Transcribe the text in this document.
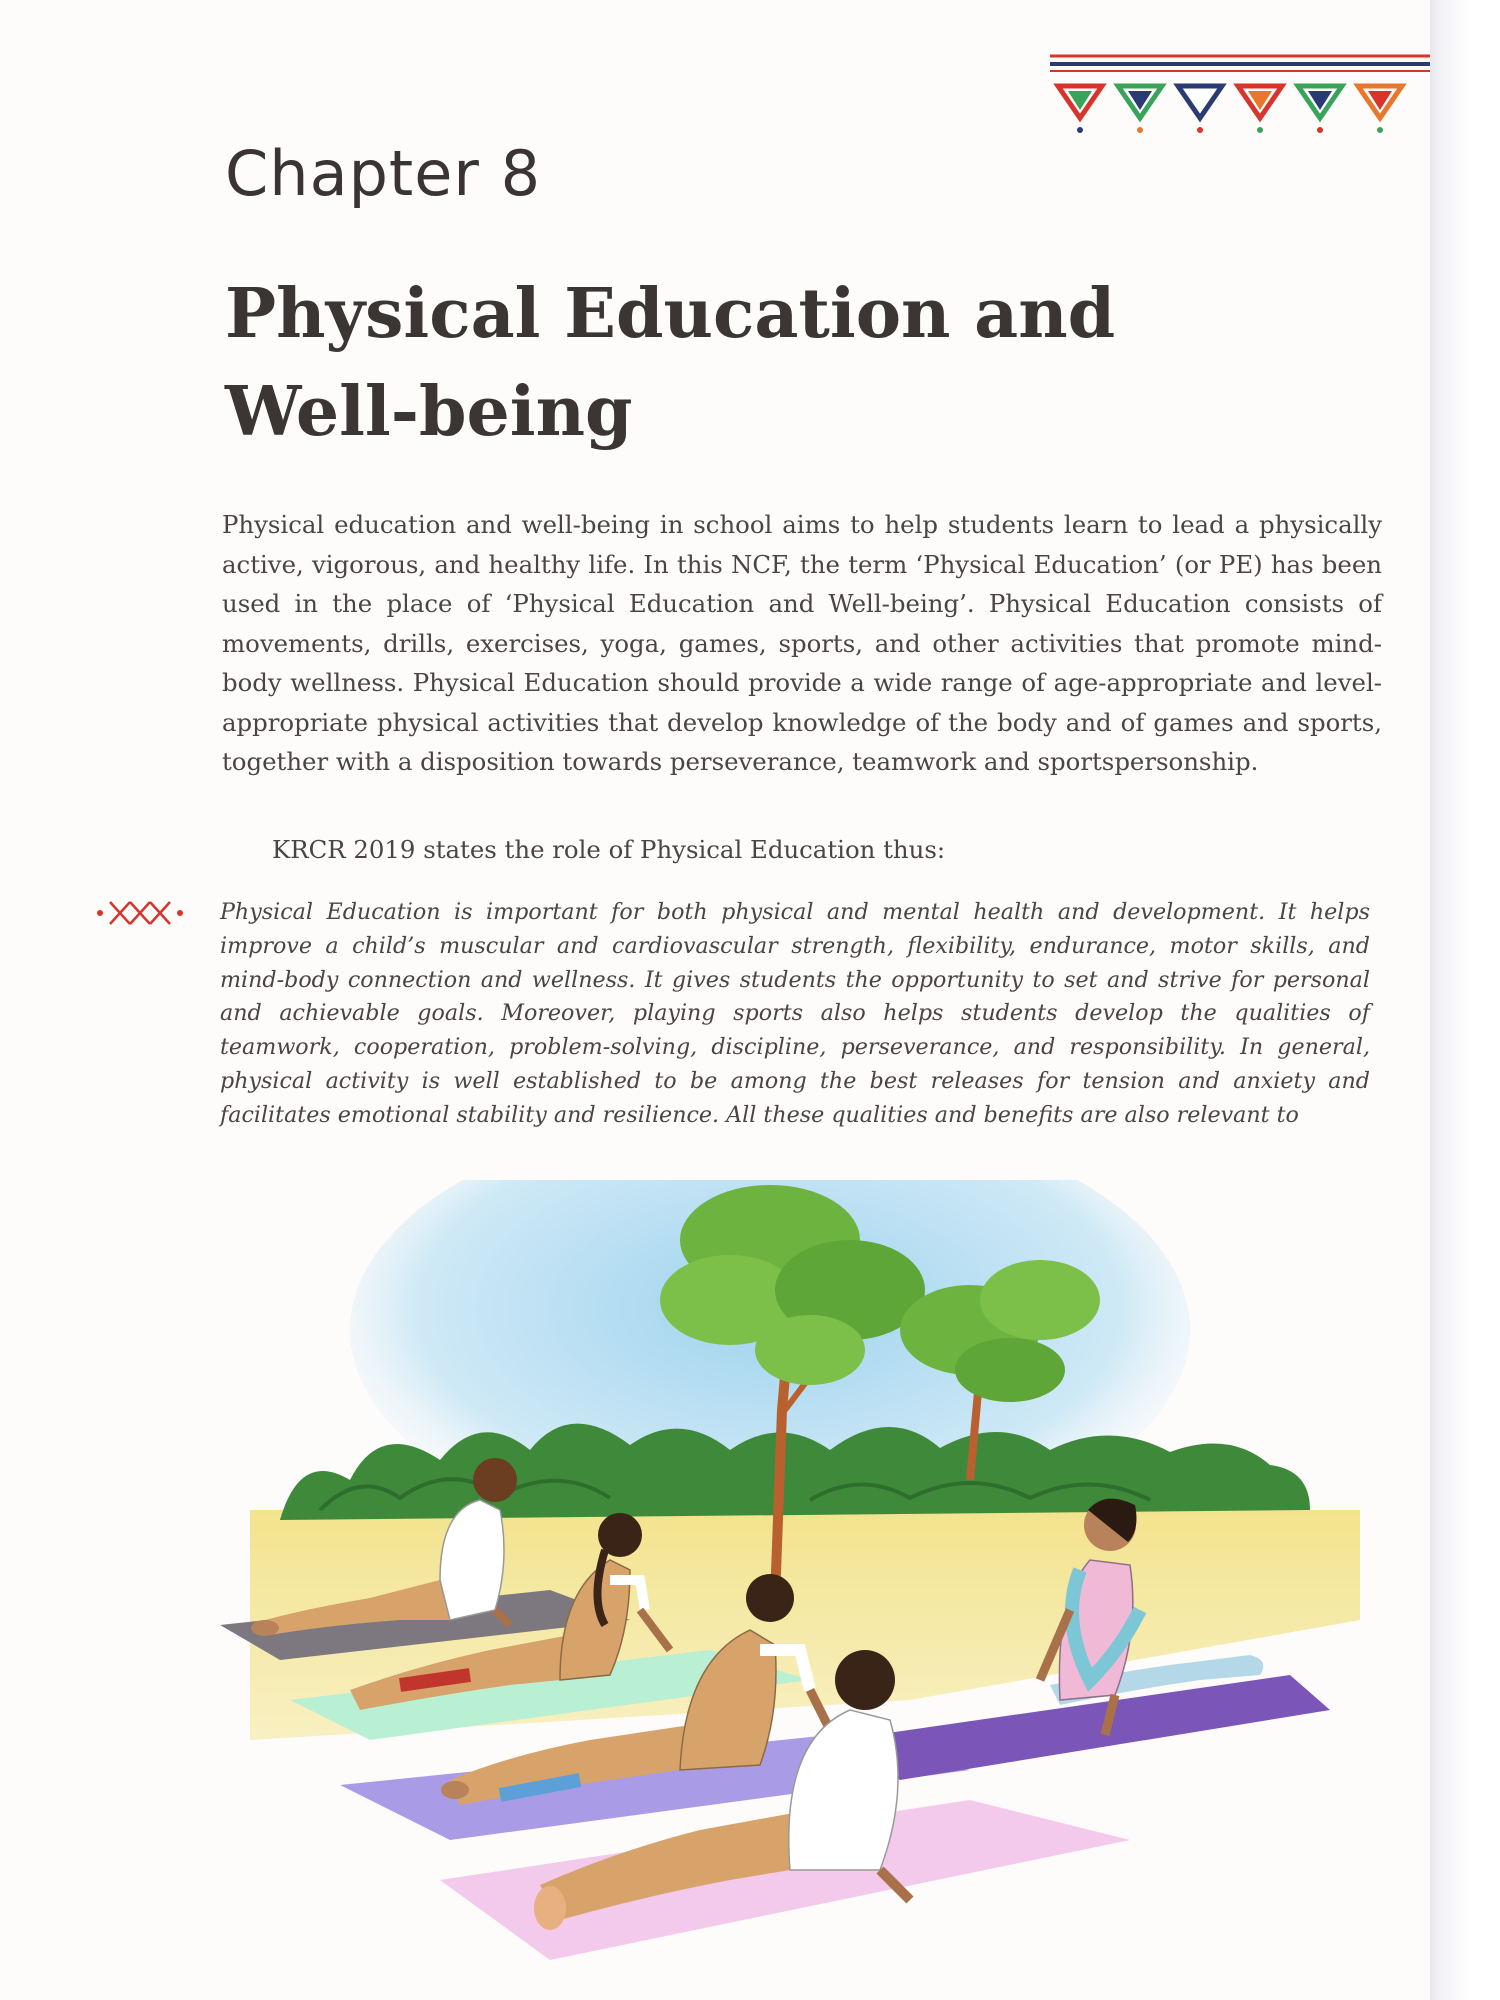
Chapter 8
Physical Education and Well-being

Physical education and well-being in school aims to help students learn to lead a physically active, vigorous, and healthy life. In this NCF, the term ‘Physical Education’ (or PE) has been used in the place of ‘Physical Education and Well-being’. Physical Education consists of movements, drills, exercises, yoga, games, sports, and other activities that promote mind-body wellness. Physical Education should provide a wide range of age-appropriate and level-appropriate physical activities that develop knowledge of the body and of games and sports, together with a disposition towards perseverance, teamwork and sportspersonship.

KRCR 2019 states the role of Physical Education thus:

Physical Education is important for both physical and mental health and development. It helps improve a child’s muscular and cardiovascular strength, flexibility, endurance, motor skills, and mind-body connection and wellness. It gives students the opportunity to set and strive for personal and achievable goals. Moreover, playing sports also helps students develop the qualities of teamwork, cooperation, problem-solving, discipline, perseverance, and responsibility. In general, physical activity is well established to be among the best releases for tension and anxiety and facilitates emotional stability and resilience. All these qualities and benefits are also relevant to
